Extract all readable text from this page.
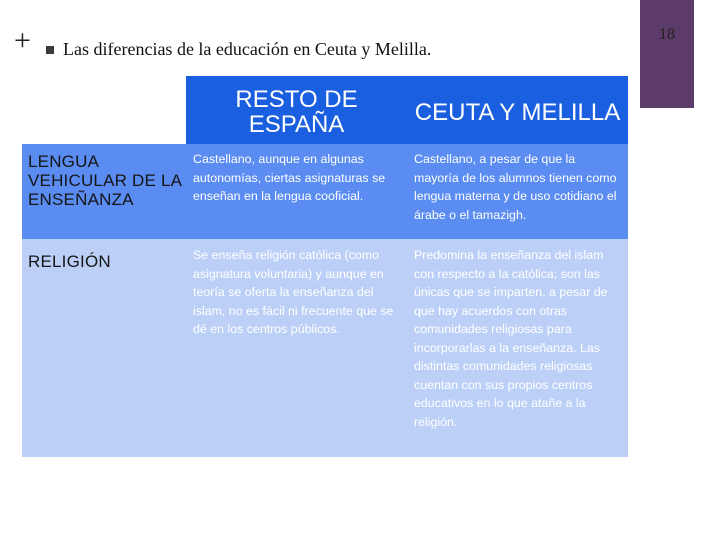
+ Las diferencias de la educación en Ceuta y Melilla.
18
RESTO DE ESPAÑA	CEUTA Y MELILLA
LENGUA VEHICULAR DE LA ENSEÑANZA
Castellano, aunque en algunas autonomías, ciertas asignaturas se enseñan en la lengua cooficial.
Castellano, a pesar de que la mayoría de los alumnos tienen como lengua materna y de uso cotidiano el árabe o el tamazigh.
RELIGIÓN	Se enseña religión católica (como asignatura voluntaria) y aunque en teoría se oferta la enseñanza del islam, no es fácil ni frecuente que se dé en los centros públicos.
Predomina la enseñanza del islam con respecto a la católica; son las únicas que se imparten, a pesar de que hay acuerdos con otras comunidades religiosas para incorporarlas a la enseñanza. Las distintas comunidades religiosas cuentan con sus propios centros educativos en lo que atañe a la religión.
